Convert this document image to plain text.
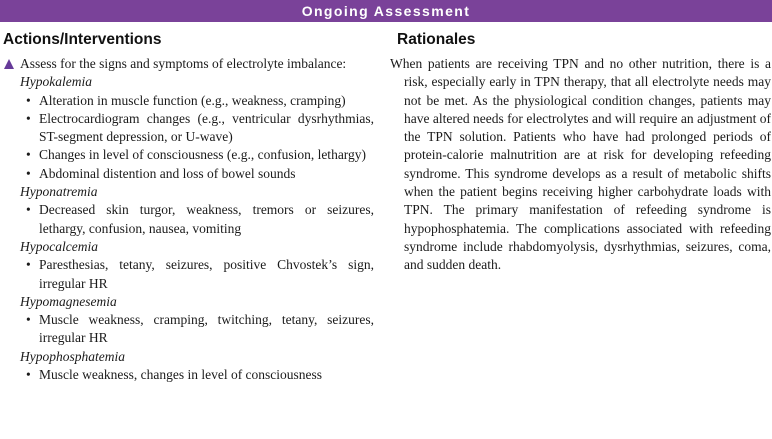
Ongoing Assessment
Actions/Interventions	Rationales
Assess for the signs and symptoms of electrolyte imbalance:
Hypokalemia
• Alteration in muscle function (e.g., weakness, cramping)
• Electrocardiogram changes (e.g., ventricular dysrhythmias, ST-segment depression, or U-wave)
• Changes in level of consciousness (e.g., confusion, lethargy)
• Abdominal distention and loss of bowel sounds
Hyponatremia
• Decreased skin turgor, weakness, tremors or seizures, lethargy, confusion, nausea, vomiting
Hypocalcemia
• Paresthesias, tetany, seizures, positive Chvostek’s sign, irregular HR
Hypomagnesemia
• Muscle weakness, cramping, twitching, tetany, seizures, irregular HR
Hypophosphatemia
• Muscle weakness, changes in level of consciousness
When patients are receiving TPN and no other nutrition, there is a risk, especially early in TPN therapy, that all electrolyte needs may not be met. As the physiological condition changes, patients may have altered needs for electrolytes and will require an adjustment of the TPN solution. Patients who have had prolonged periods of protein-calorie malnutrition are at risk for developing refeeding syndrome. This syndrome develops as a result of metabolic shifts when the patient begins receiving higher carbohydrate loads with TPN. The primary manifestation of refeeding syndrome is hypophosphatemia. The complications associated with refeeding syndrome include rhabdomyolysis, dysrhythmias, seizures, coma, and sudden death.
